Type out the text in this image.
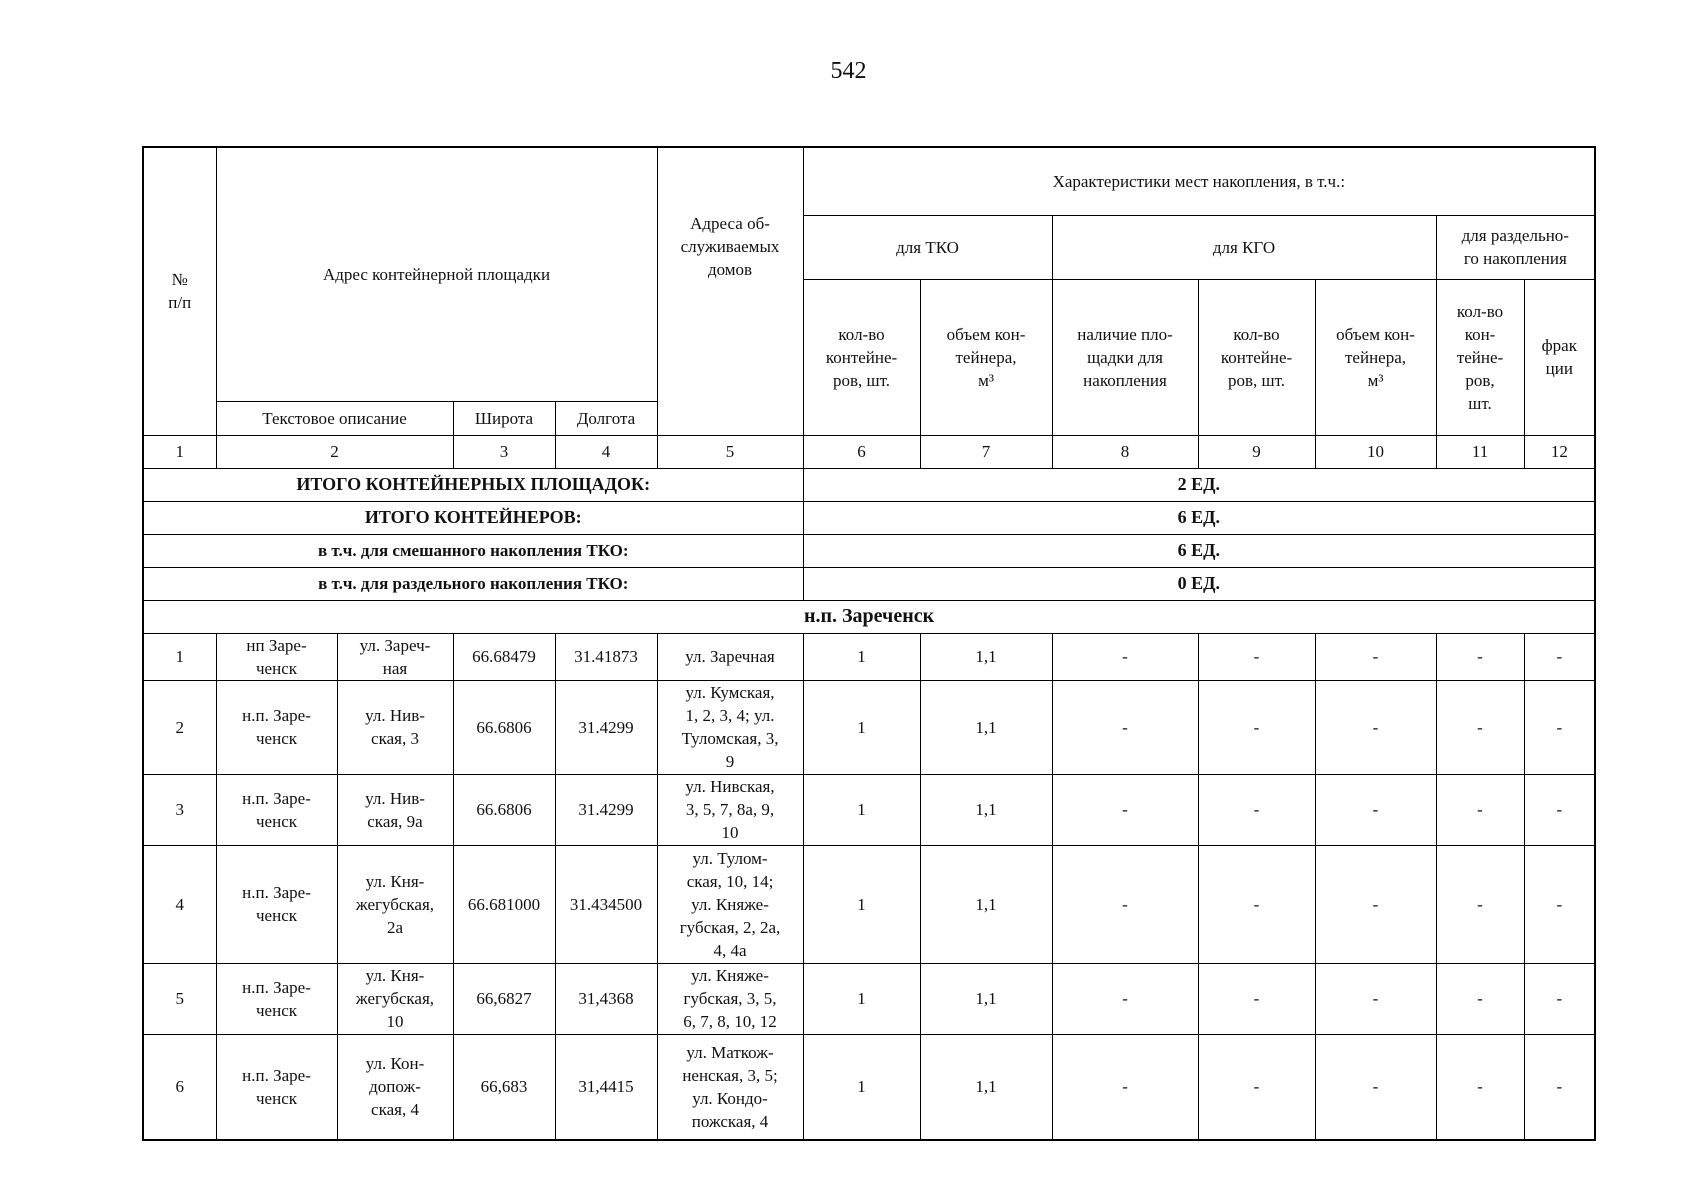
542
№
п/п	Адрес контейнерной площадки				Адреса об-
служиваемых
домов	Характеристики мест накопления, в т.ч.:						
						для ТКО		для КГО			для раздельно-
го накопления	
						кол-во
контейне-
ров, шт.	объем кон-
тейнера,
м³	наличие пло-
щадки для
накопления	кол-во
контейне-
ров, шт.	объем кон-
тейнера,
м³	кол-во
кон-
тейне-
ров,
шт.	фрак
ции
	Текстовое описание		Широта	Долгота								
1	2		3	4	5	6	7	8	9	10	11	12
ИТОГО КОНТЕЙНЕРНЫХ ПЛОЩАДОК:						2 ЕД.						
ИТОГО КОНТЕЙНЕРОВ:						6 ЕД.						
в т.ч. для смешанного накопления ТКО:						6 ЕД.						
в т.ч. для раздельного накопления ТКО:						0 ЕД.						
н.п. Зареченск												
1	нп Заре-
ченск	ул. Зареч-
ная	66.68479	31.41873	ул. Заречная	1	1,1	-	-	-	-	-
2	н.п. Заре-
ченск	ул. Нив-
ская, 3	66.6806	31.4299	ул. Кумская,
1, 2, 3, 4; ул.
Туломская, 3,
9	1	1,1	-	-	-	-	-
3	н.п. Заре-
ченск	ул. Нив-
ская, 9а	66.6806	31.4299	ул. Нивская,
3, 5, 7, 8а, 9,
10	1	1,1	-	-	-	-	-
4	н.п. Заре-
ченск	ул. Кня-
жегубская,
2а	66.681000	31.434500	ул. Тулом-
ская, 10, 14;
ул. Княже-
губская, 2, 2а,
4, 4а	1	1,1	-	-	-	-	-
5	н.п. Заре-
ченск	ул. Кня-
жегубская,
10	66,6827	31,4368	ул. Княже-
губская, 3, 5,
6, 7, 8, 10, 12	1	1,1	-	-	-	-	-
6	н.п. Заре-
ченск	ул. Кон-
допож-
ская, 4	66,683	31,4415	ул. Маткож-
ненская, 3, 5;
ул. Кондо-
пожская, 4	1	1,1	-	-	-	-	-
